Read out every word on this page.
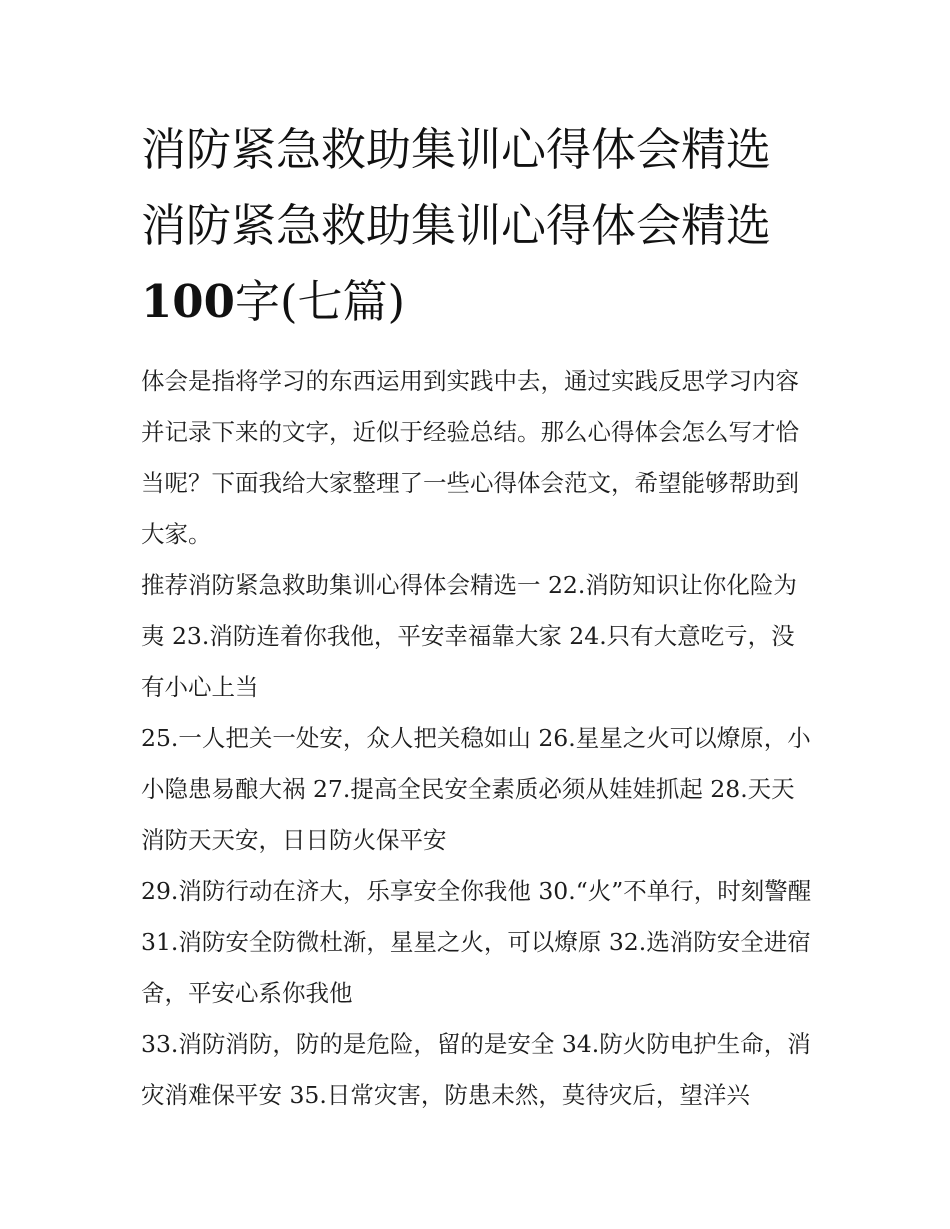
消防紧急救助集训心得体会精选 消防紧急救助集训心得体会精选100字(七篇)

体会是指将学习的东西运用到实践中去，通过实践反思学习内容并记录下来的文字，近似于经验总结。那么心得体会怎么写才恰当呢？下面我给大家整理了一些心得体会范文，希望能够帮助到大家。

推荐消防紧急救助集训心得体会精选一 22.消防知识让你化险为夷 23.消防连着你我他，平安幸福靠大家 24.只有大意吃亏，没有小心上当

25.一人把关一处安，众人把关稳如山 26.星星之火可以燎原，小小隐患易酿大祸 27.提高全民安全素质必须从娃娃抓起 28.天天消防天天安，日日防火保平安

29.消防行动在济大，乐享安全你我他 30.“火”不单行，时刻警醒 31.消防安全防微杜渐，星星之火，可以燎原 32.选消防安全进宿舍，平安心系你我他

33.消防消防，防的是危险，留的是安全 34.防火防电护生命，消灾消难保平安 35.日常灾害，防患未然，莫待灾后，望洋兴
